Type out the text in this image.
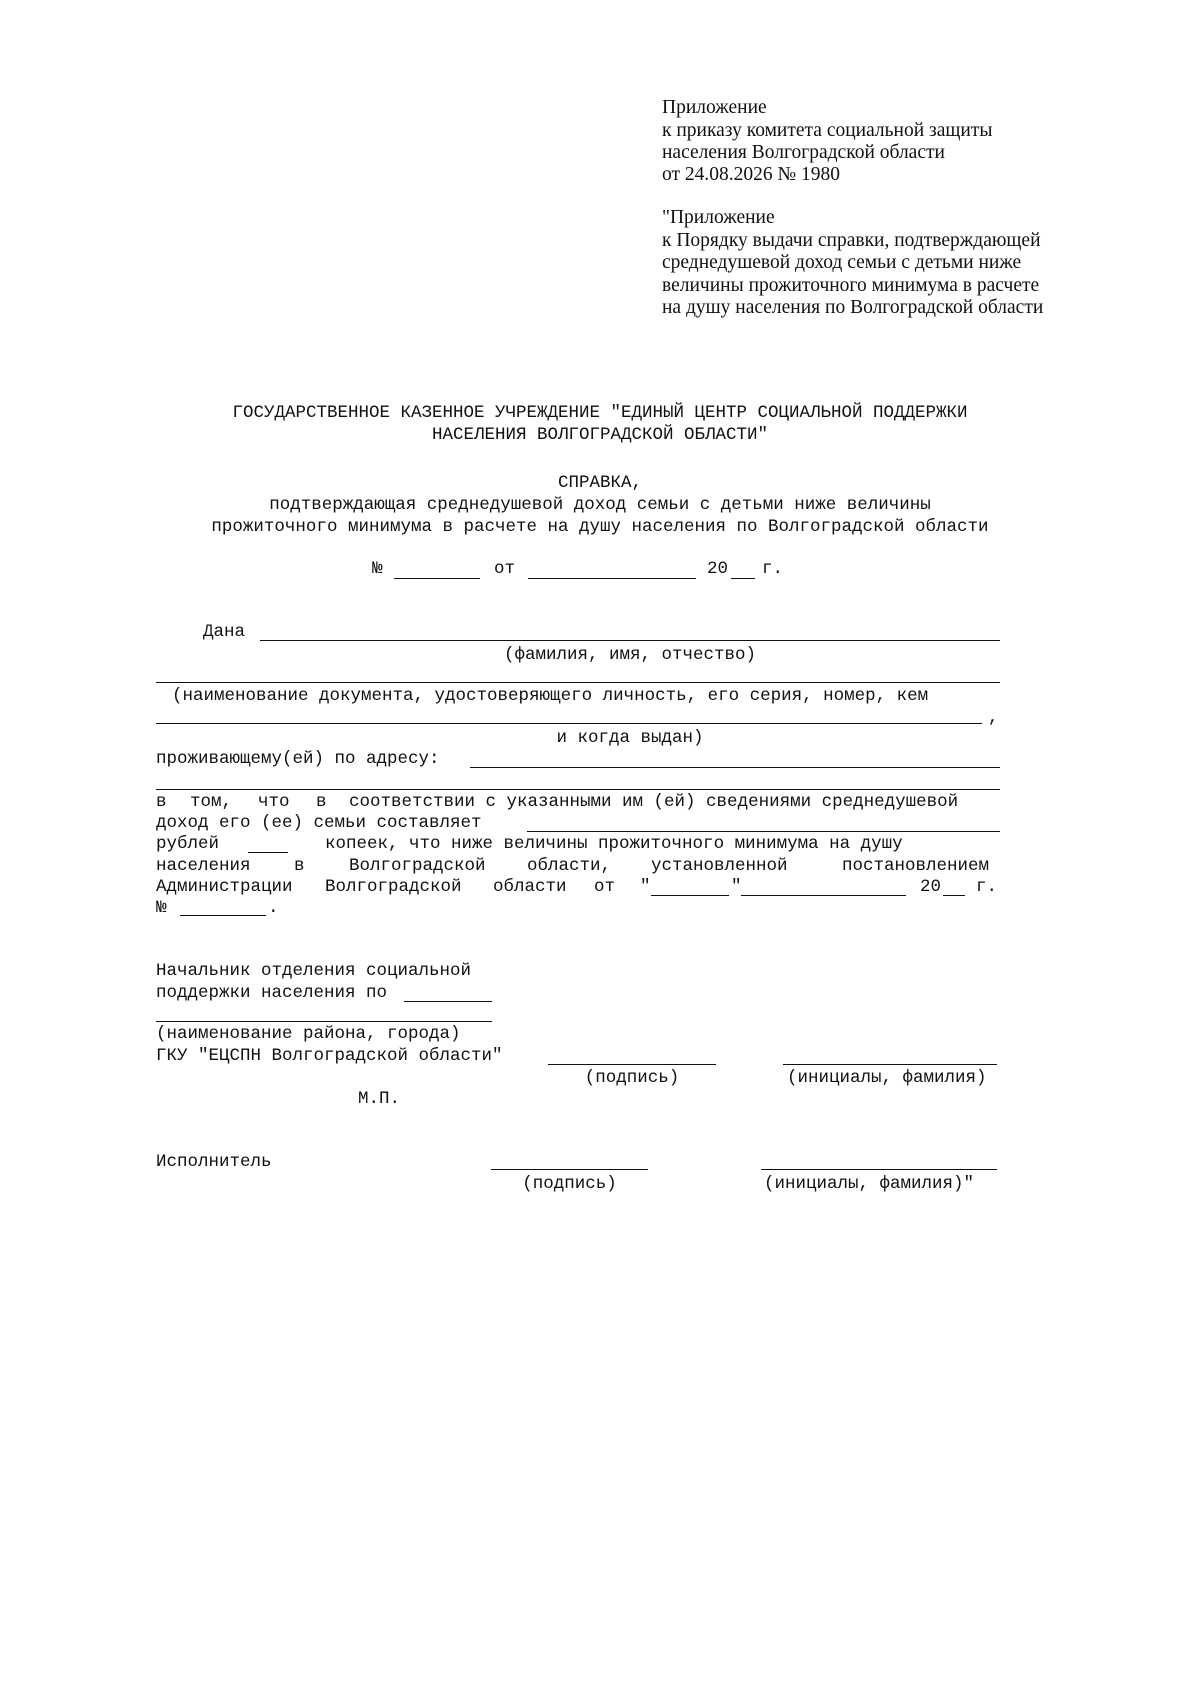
Приложение
к приказу комитета социальной защиты
населения Волгоградской области
от 24.08.2026 № 1980
"Приложение
к Порядку выдачи справки, подтверждающей
среднедушевой доход семьи с детьми ниже
величины прожиточного минимума в расчете
на душу населения по Волгоградской области
ГОСУДАРСТВЕННОЕ КАЗЕННОЕ УЧРЕЖДЕНИЕ "ЕДИНЫЙ ЦЕНТР СОЦИАЛЬНОЙ ПОДДЕРЖКИ
НАСЕЛЕНИЯ ВОЛГОГРАДСКОЙ ОБЛАСТИ"
СПРАВКА,
подтверждающая среднедушевой доход семьи с детьми ниже величины
прожиточного минимума в расчете на душу населения по Волгоградской области
№	от	20 г.
Дана
(фамилия, имя, отчество)
(наименование документа, удостоверяющего личность, его серия, номер, кем
,
и когда выдан)
проживающему(ей) по адресу:
в том, что в соответствии с указанными им (ей) сведениями среднедушевой
доход его (ее) семьи составляет
рублей	копеек, что ниже величины прожиточного минимума на душу
населения в	Волгоградской области, установленной	постановлением
Администрации Волгоградской области от "	"	20 г.
№	.
Начальник отделения социальной
поддержки населения по
(наименование района, города)
ГКУ "ЕЦСПН Волгоградской области"
(подпись)	(инициалы, фамилия)
М.П.
Исполнитель
(подпись)	(инициалы, фамилия)"
